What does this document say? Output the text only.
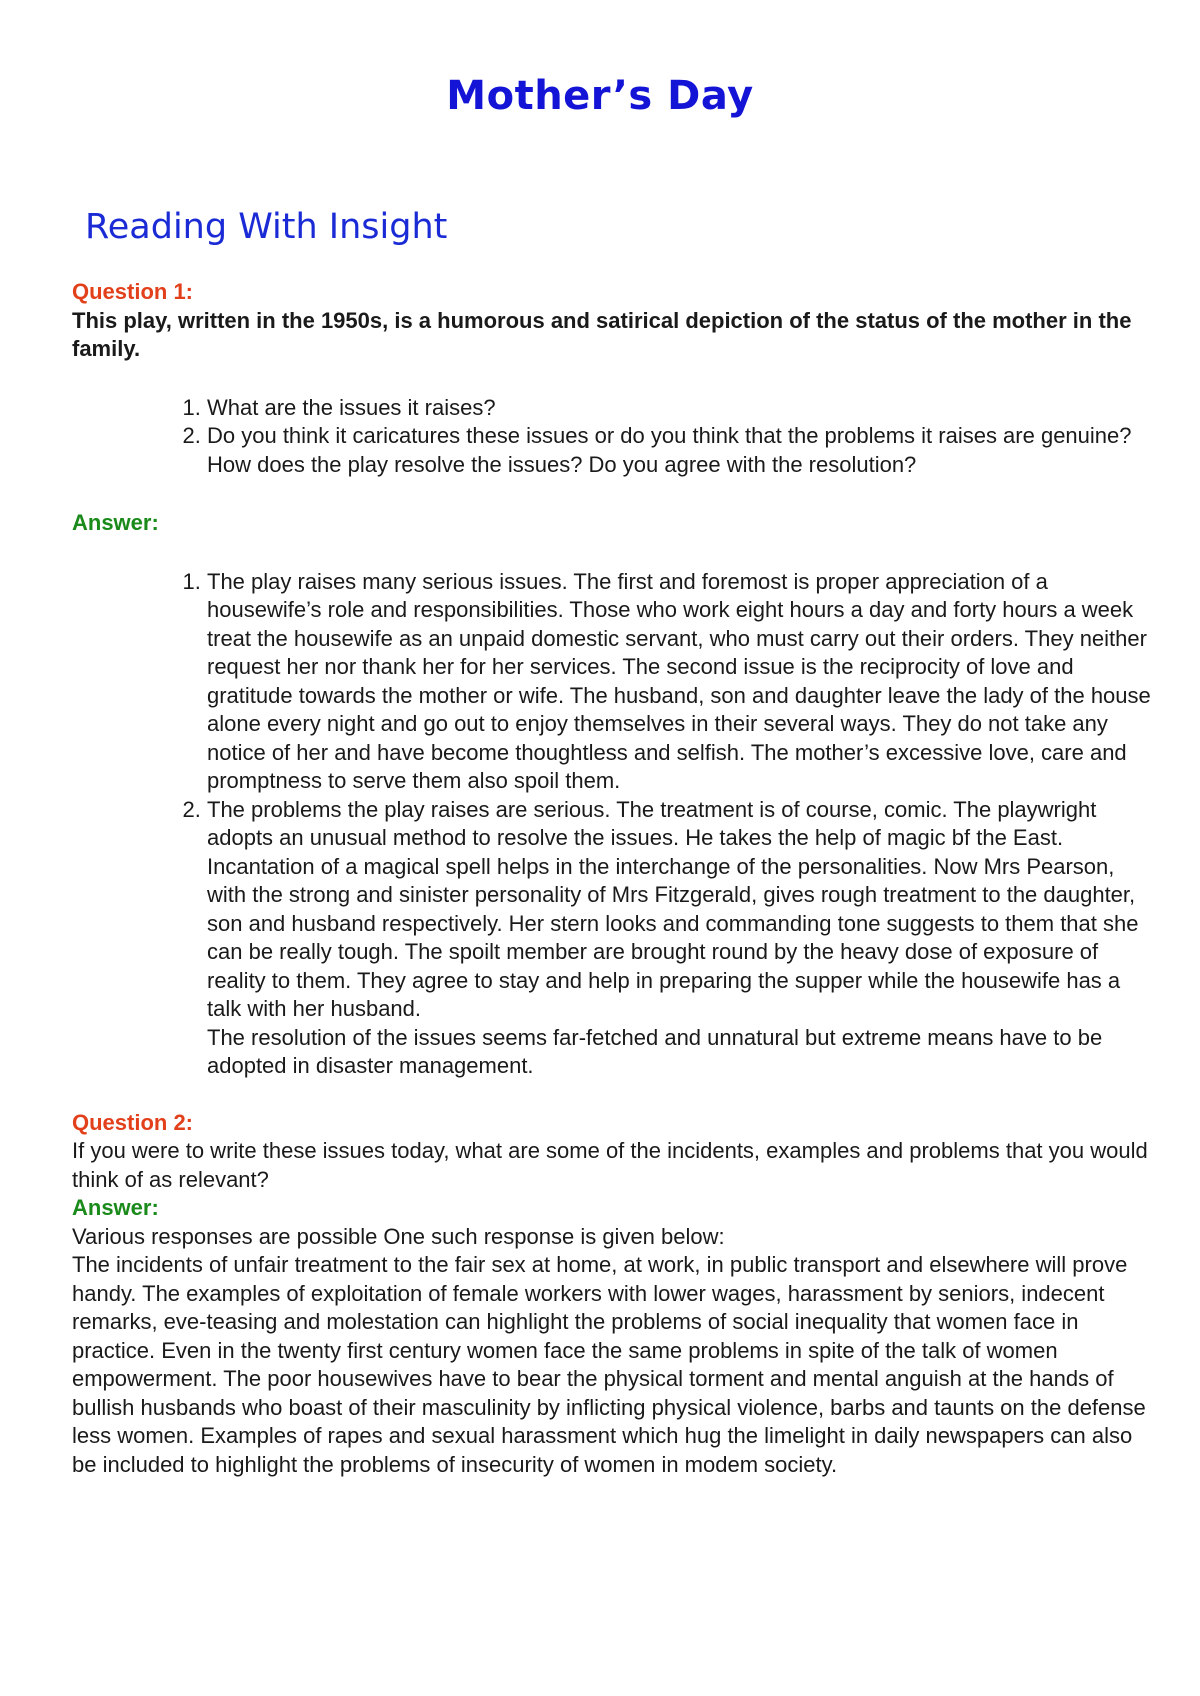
Mother’s Day
Reading With Insight

Question 1:

This play, written in the 1950s, is a humorous and satirical depiction of the status of the mother in the family.

1. What are the issues it raises?
2. Do you think it caricatures these issues or do you think that the problems it raises are genuine? How does the play resolve the issues? Do you agree with the resolution?

Answer:

1. The play raises many serious issues. The first and foremost is proper appreciation of a housewife’s role and responsibilities. Those who work eight hours a day and forty hours a week treat the housewife as an unpaid domestic servant, who must carry out their orders. They neither request her nor thank her for her services. The second issue is the reciprocity of love and gratitude towards the mother or wife. The husband, son and daughter leave the lady of the house alone every night and go out to enjoy themselves in their several ways. They do not take any notice of her and have become thoughtless and selfish. The mother’s excessive love, care and promptness to serve them also spoil them.
2. The problems the play raises are serious. The treatment is of course, comic. The playwright adopts an unusual method to resolve the issues. He takes the help of magic bf the East. Incantation of a magical spell helps in the interchange of the personalities. Now Mrs Pearson, with the strong and sinister personality of Mrs Fitzgerald, gives rough treatment to the daughter, son and husband respectively. Her stern looks and commanding tone suggests to them that she can be really tough. The spoilt member are brought round by the heavy dose of exposure of reality to them. They agree to stay and help in preparing the supper while the housewife has a talk with her husband.
The resolution of the issues seems far-fetched and unnatural but extreme means have to be adopted in disaster management.

Question 2:

If you were to write these issues today, what are some of the incidents, examples and problems that you would think of as relevant?

Answer:

Various responses are possible One such response is given below:

The incidents of unfair treatment to the fair sex at home, at work, in public transport and elsewhere will prove handy. The examples of exploitation of female workers with lower wages, harassment by seniors, indecent remarks, eve-teasing and molestation can highlight the problems of social inequality that women face in practice. Even in the twenty first century women face the same problems in spite of the talk of women empowerment. The poor housewives have to bear the physical torment and mental anguish at the hands of bullish husbands who boast of their masculinity by inflicting physical violence, barbs and taunts on the defense less women. Examples of rapes and sexual harassment which hug the limelight in daily newspapers can also be included to highlight the problems of insecurity of women in modem society.
